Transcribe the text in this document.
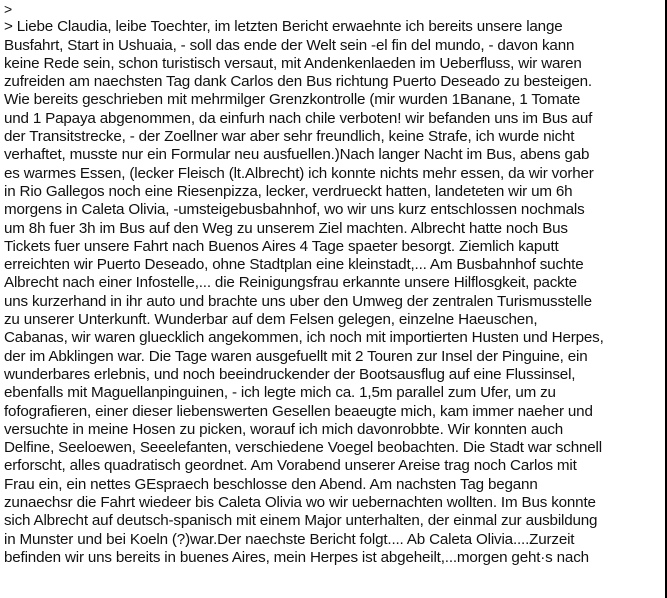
>
> Liebe Claudia, leibe Toechter, im letzten Bericht erwaehnte ich bereits unsere lange
Busfahrt, Start in Ushuaia, - soll das ende der Welt sein -el fin del mundo, - davon kann
keine Rede sein, schon turistisch versaut, mit Andenkenlaeden im Ueberfluss, wir waren
zufreiden am naechsten Tag dank Carlos den Bus richtung Puerto Deseado zu besteigen.
Wie bereits geschrieben mit mehrmilger Grenzkontrolle (mir wurden 1Banane, 1 Tomate
und 1 Papaya abgenommen, da einfurh nach chile verboten! wir befanden uns im Bus auf
der Transitstrecke, - der Zoellner war aber sehr freundlich, keine Strafe, ich wurde nicht
verhaftet, musste nur ein Formular neu ausfuellen.)Nach langer Nacht im Bus, abens gab
es warmes Essen, (lecker Fleisch (lt.Albrecht) ich konnte nichts mehr essen, da wir vorher
in Rio Gallegos noch eine Riesenpizza, lecker, verdrueckt hatten, landeteten wir um 6h
morgens in Caleta Olivia, -umsteigebusbahnhof, wo wir uns kurz entschlossen nochmals
um 8h fuer 3h im Bus auf den Weg zu unserem Ziel machten. Albrecht hatte noch Bus
Tickets fuer unsere Fahrt nach Buenos Aires 4 Tage spaeter besorgt. Ziemlich kaputt
erreichten wir Puerto Deseado, ohne Stadtplan eine kleinstadt,... Am Busbahnhof suchte
Albrecht nach einer Infostelle,... die Reinigungsfrau erkannte unsere Hilflosgkeit, packte
uns kurzerhand in ihr auto und brachte uns uber den Umweg der zentralen Turismusstelle
zu unserer Unterkunft. Wunderbar auf dem Felsen gelegen, einzelne Haeuschen,
Cabanas, wir waren glueckliсh angekommen, ich noch mit importierten Husten und Herpes,
der im Abklingen war. Die Tage waren ausgefuellt mit 2 Touren zur Insel der Pinguine, ein
wunderbares erlebnis, und noch beeindruckender der Bootsausflug auf eine Flussinsel,
ebenfalls mit Maguellanpinguinen, - ich legte mich ca. 1,5m parallel zum Ufer, um zu
fofografieren, einer dieser liebenswerten Gesellen beaeugte mich, kam immer naeher und
versuchte in meine Hosen zu picken, worauf ich mich davonrobbte. Wir konnten auch
Delfine, Seeloewen, Seeelefanten, verschiedene Voegel beobachten. Die Stadt war schnell
erforscht, alles quadratisch geordnet. Am Vorabend unserer Areise trag noch Carlos mit
Frau ein, ein nettes GEspraech beschlosse den Abend. Am nachsten Tag begann
zunaechsr die Fahrt wiedeer bis Caleta Olivia wo wir uebernachten wollten. Im Bus konnte
sich Albrecht auf deutsch-spanisch mit einem Major unterhalten, der einmal zur ausbildung
in Munster und bei Koeln (?)war.Der naechste Bericht folgt.... Ab Caleta Olivia....Zurzeit
befinden wir uns bereits in buenes Aires, mein Herpes ist abgeheilt,...morgen geht·s nach
